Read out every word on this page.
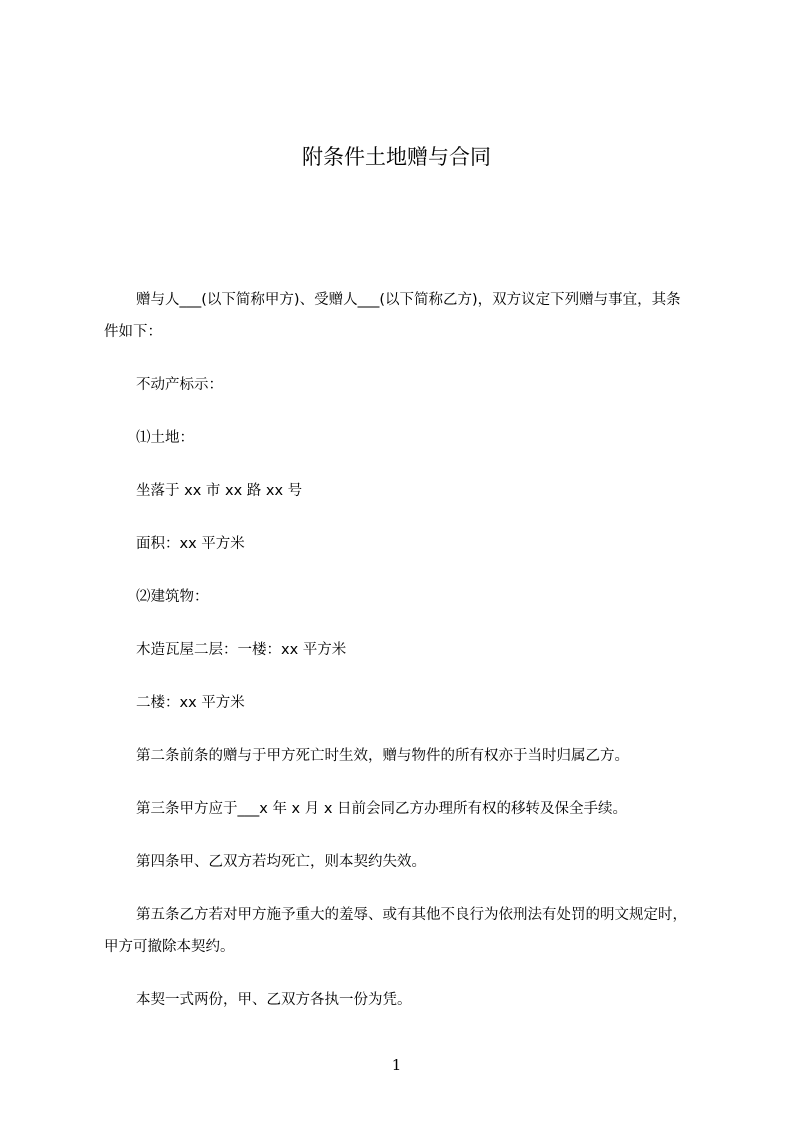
附条件土地赠与合同

赠与人___(以下简称甲方)、受赠人___(以下简称乙方)，双方议定下列赠与事宜，其条件如下：

不动产标示：

⑴土地：

坐落于 xx 市 xx 路 xx 号

面积：xx 平方米

⑵建筑物：

木造瓦屋二层：一楼：xx 平方米

二楼：xx 平方米

第二条前条的赠与于甲方死亡时生效，赠与物件的所有权亦于当时归属乙方。

第三条甲方应于___x 年 x 月 x 日前会同乙方办理所有权的移转及保全手续。

第四条甲、乙双方若均死亡，则本契约失效。

第五条乙方若对甲方施予重大的羞辱、或有其他不良行为依刑法有处罚的明文规定时，甲方可撤除本契约。

本契一式两份，甲、乙双方各执一份为凭。

1
